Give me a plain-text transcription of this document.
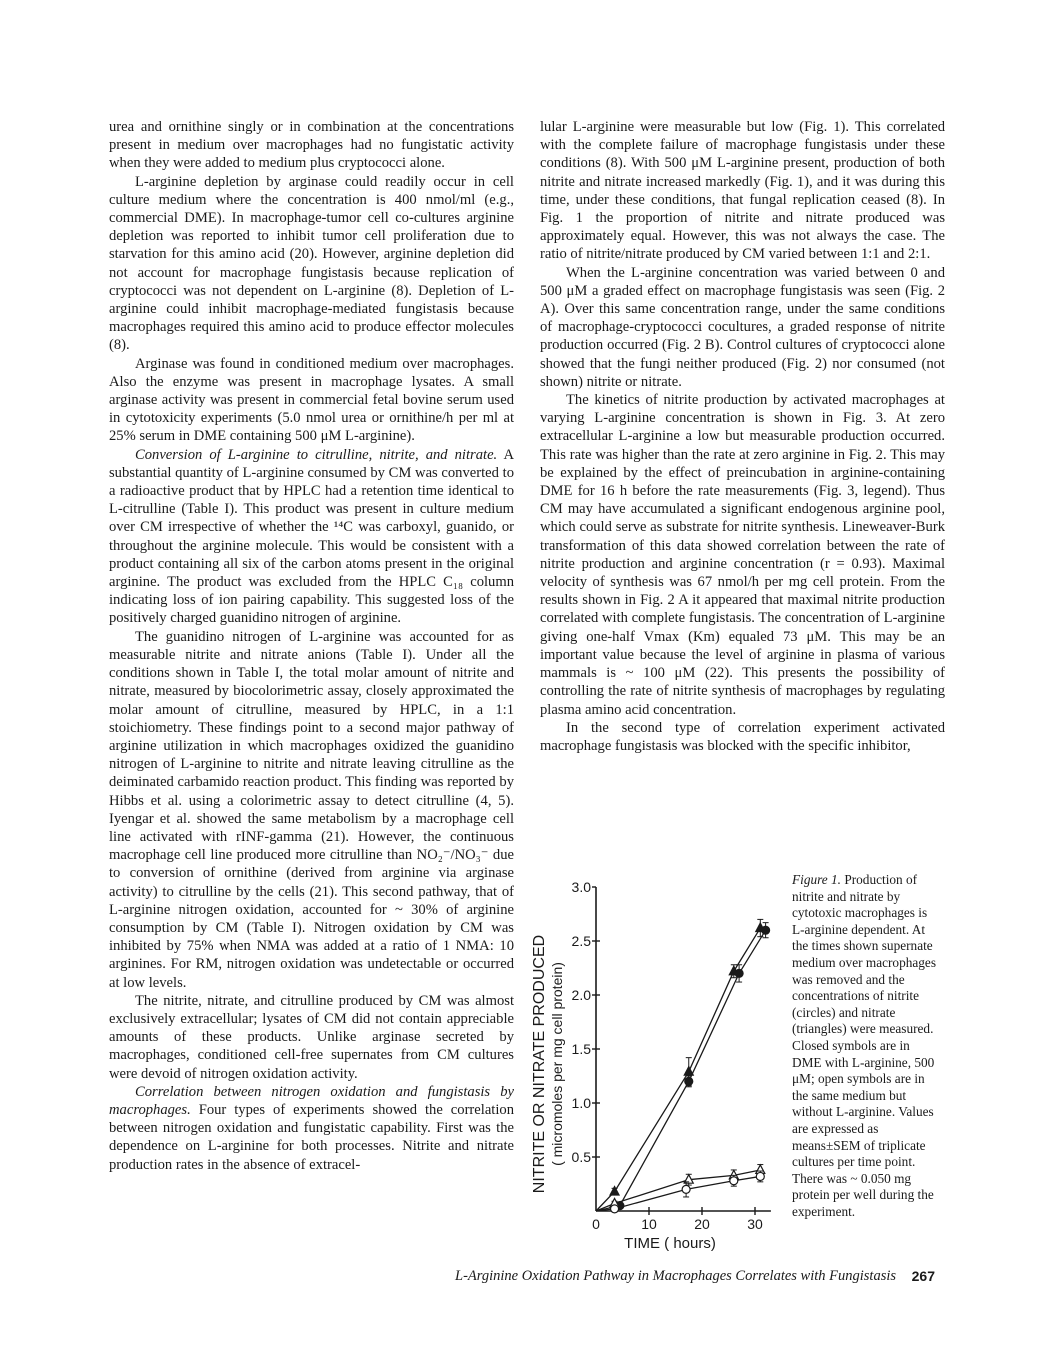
urea and ornithine singly or in combination at the concentrations present in medium over macrophages had no fungistatic activity when they were added to medium plus cryptococci alone.

L-arginine depletion by arginase could readily occur in cell culture medium where the concentration is 400 nmol/ml (e.g., commercial DME). In macrophage-tumor cell co-cultures arginine depletion was reported to inhibit tumor cell proliferation due to starvation for this amino acid (20). However, arginine depletion did not account for macrophage fungistasis because replication of cryptococci was not dependent on L-arginine (8). Depletion of L-arginine could inhibit macrophage-mediated fungistasis because macrophages required this amino acid to produce effector molecules (8).

Arginase was found in conditioned medium over macrophages. Also the enzyme was present in macrophage lysates. A small arginase activity was present in commercial fetal bovine serum used in cytotoxicity experiments (5.0 nmol urea or ornithine/h per ml at 25% serum in DME containing 500 μM L-arginine).

Conversion of L-arginine to citrulline, nitrite, and nitrate. A substantial quantity of L-arginine consumed by CM was converted to a radioactive product that by HPLC had a retention time identical to L-citrulline (Table I). This product was present in culture medium over CM irrespective of whether the ¹⁴C was carboxyl, guanido, or throughout the arginine molecule. This would be consistent with a product containing all six of the carbon atoms present in the original arginine. The product was excluded from the HPLC C₁₈ column indicating loss of ion pairing capability. This suggested loss of the positively charged guanidino nitrogen of arginine.

The guanidino nitrogen of L-arginine was accounted for as measurable nitrite and nitrate anions (Table I). Under all the conditions shown in Table I, the total molar amount of nitrite and nitrate, measured by biocolorimetric assay, closely approximated the molar amount of citrulline, measured by HPLC, in a 1:1 stoichiometry. These findings point to a second major pathway of arginine utilization in which macrophages oxidized the guanidino nitrogen of L-arginine to nitrite and nitrate leaving citrulline as the deiminated carbamido reaction product. This finding was reported by Hibbs et al. using a colorimetric assay to detect citrulline (4, 5). Iyengar et al. showed the same metabolism by a macrophage cell line activated with rINF-gamma (21). However, the continuous macrophage cell line produced more citrulline than NO₂⁻/NO₃⁻ due to conversion of ornithine (derived from arginine via arginase activity) to citrulline by the cells (21). This second pathway, that of L-arginine nitrogen oxidation, accounted for ~ 30% of arginine consumption by CM (Table I). Nitrogen oxidation by CM was inhibited by 75% when NMA was added at a ratio of 1 NMA: 10 arginines. For RM, nitrogen oxidation was undetectable or occurred at low levels.

The nitrite, nitrate, and citrulline produced by CM was almost exclusively extracellular; lysates of CM did not contain appreciable amounts of these products. Unlike arginase secreted by macrophages, conditioned cell-free supernates from CM cultures were devoid of nitrogen oxidation activity.

Correlation between nitrogen oxidation and fungistasis by macrophages. Four types of experiments showed the correlation between nitrogen oxidation and fungistatic capability. First was the dependence on L-arginine for both processes. Nitrite and nitrate production rates in the absence of extracel-

lular L-arginine were measurable but low (Fig. 1). This correlated with the complete failure of macrophage fungistasis under these conditions (8). With 500 μM L-arginine present, production of both nitrite and nitrate increased markedly (Fig. 1), and it was during this time, under these conditions, that fungal replication ceased (8). In Fig. 1 the proportion of nitrite and nitrate produced was approximately equal. However, this was not always the case. The ratio of nitrite/nitrate produced by CM varied between 1:1 and 2:1.

When the L-arginine concentration was varied between 0 and 500 μM a graded effect on macrophage fungistasis was seen (Fig. 2 A). Over this same concentration range, under the same conditions of macrophage-cryptococci cocultures, a graded response of nitrite production occurred (Fig. 2 B). Control cultures of cryptococci alone showed that the fungi neither produced (Fig. 2) nor consumed (not shown) nitrite or nitrate.

The kinetics of nitrite production by activated macrophages at varying L-arginine concentration is shown in Fig. 3. At zero extracellular L-arginine a low but measurable production occurred. This rate was higher than the rate at zero arginine in Fig. 2. This may be explained by the effect of preincubation in arginine-containing DME for 16 h before the rate measurements (Fig. 3, legend). Thus CM may have accumulated a significant endogenous arginine pool, which could serve as substrate for nitrite synthesis. Lineweaver-Burk transformation of this data showed correlation between the rate of nitrite production and arginine concentration (r = 0.93). Maximal velocity of synthesis was 67 nmol/h per mg cell protein. From the results shown in Fig. 2 A it appeared that maximal nitrite production correlated with complete fungistasis. The concentration of L-arginine giving one-half Vmax (Km) equaled 73 μM. This may be an important value because the level of arginine in plasma of various mammals is ~ 100 μM (22). This presents the possibility of controlling the rate of nitrite synthesis of macrophages by regulating plasma amino acid concentration.

In the second type of correlation experiment activated macrophage fungistasis was blocked with the specific inhibitor,

0.5
1.0
1.5
2.0
2.5
3.0
0	10	20	30
NITRITE OR NITRATE PRODUCED ( micromoles per mg cell protein)
TIME ( hours)
Figure 1. Production of nitrite and nitrate by cytotoxic macrophages is L-arginine dependent. At the times shown supernate medium over macrophages was removed and the concentrations of nitrite (circles) and nitrate (triangles) were measured. Closed symbols are in DME with L-arginine, 500 μM; open symbols are in the same medium but without L-arginine. Values are expressed as means±SEM of triplicate cultures per time point. There was ~ 0.050 mg protein per well during the experiment.
L-Arginine Oxidation Pathway in Macrophages Correlates with Fungistasis 267
